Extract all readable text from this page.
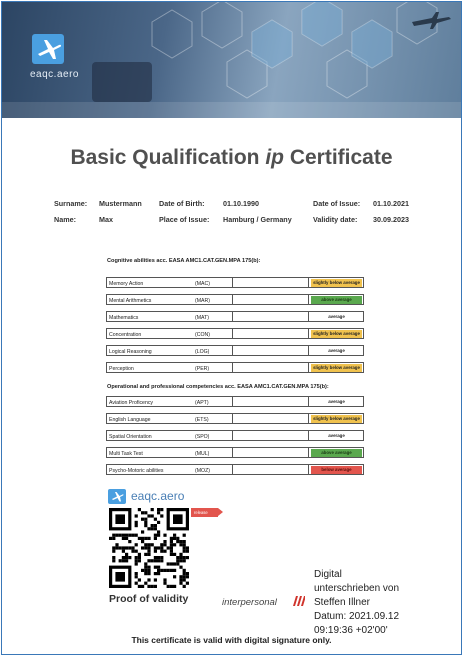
eaqc.aero
Basic Qualification ip Certificate
Surname: Mustermann
Name:	Max
Date of Birth:	01.10.1990
Place of Issue: Hamburg / Germany
Date of Issue: 01.10.2021
Validity date: 30.09.2023
Cognitive abilities acc. EASA AMC1.CAT.GEN.MPA 175(b):
Memory Action	(MAC)	slightly below average
Mental Arithmetics	(MAR)	above average
Mathematics	(MAT)	average
Concentration	(CON)	slightly below average
Logical Reasoning	(LOG)	average
Perception	(PER)	slightly below average
Operational and professional competencies acc. EASA AMC1.CAT.GEN.MPA 175(b):
Aviation Proficency	(APT)	average
English Language	(ETS)	slightly below average
Spatial Orientation	(SPO)	average
Multi Task Test	(MUL)	above average
Psycho-Motoric abilities	(MOZ)	below average
eaqc.aero
release
Proof of validity	interpersonal
Digital
unterschrieben von
Steffen Illner
Datum: 2021.09.12
09:19:36 +02'00'
This certificate is valid with digital signature only.
